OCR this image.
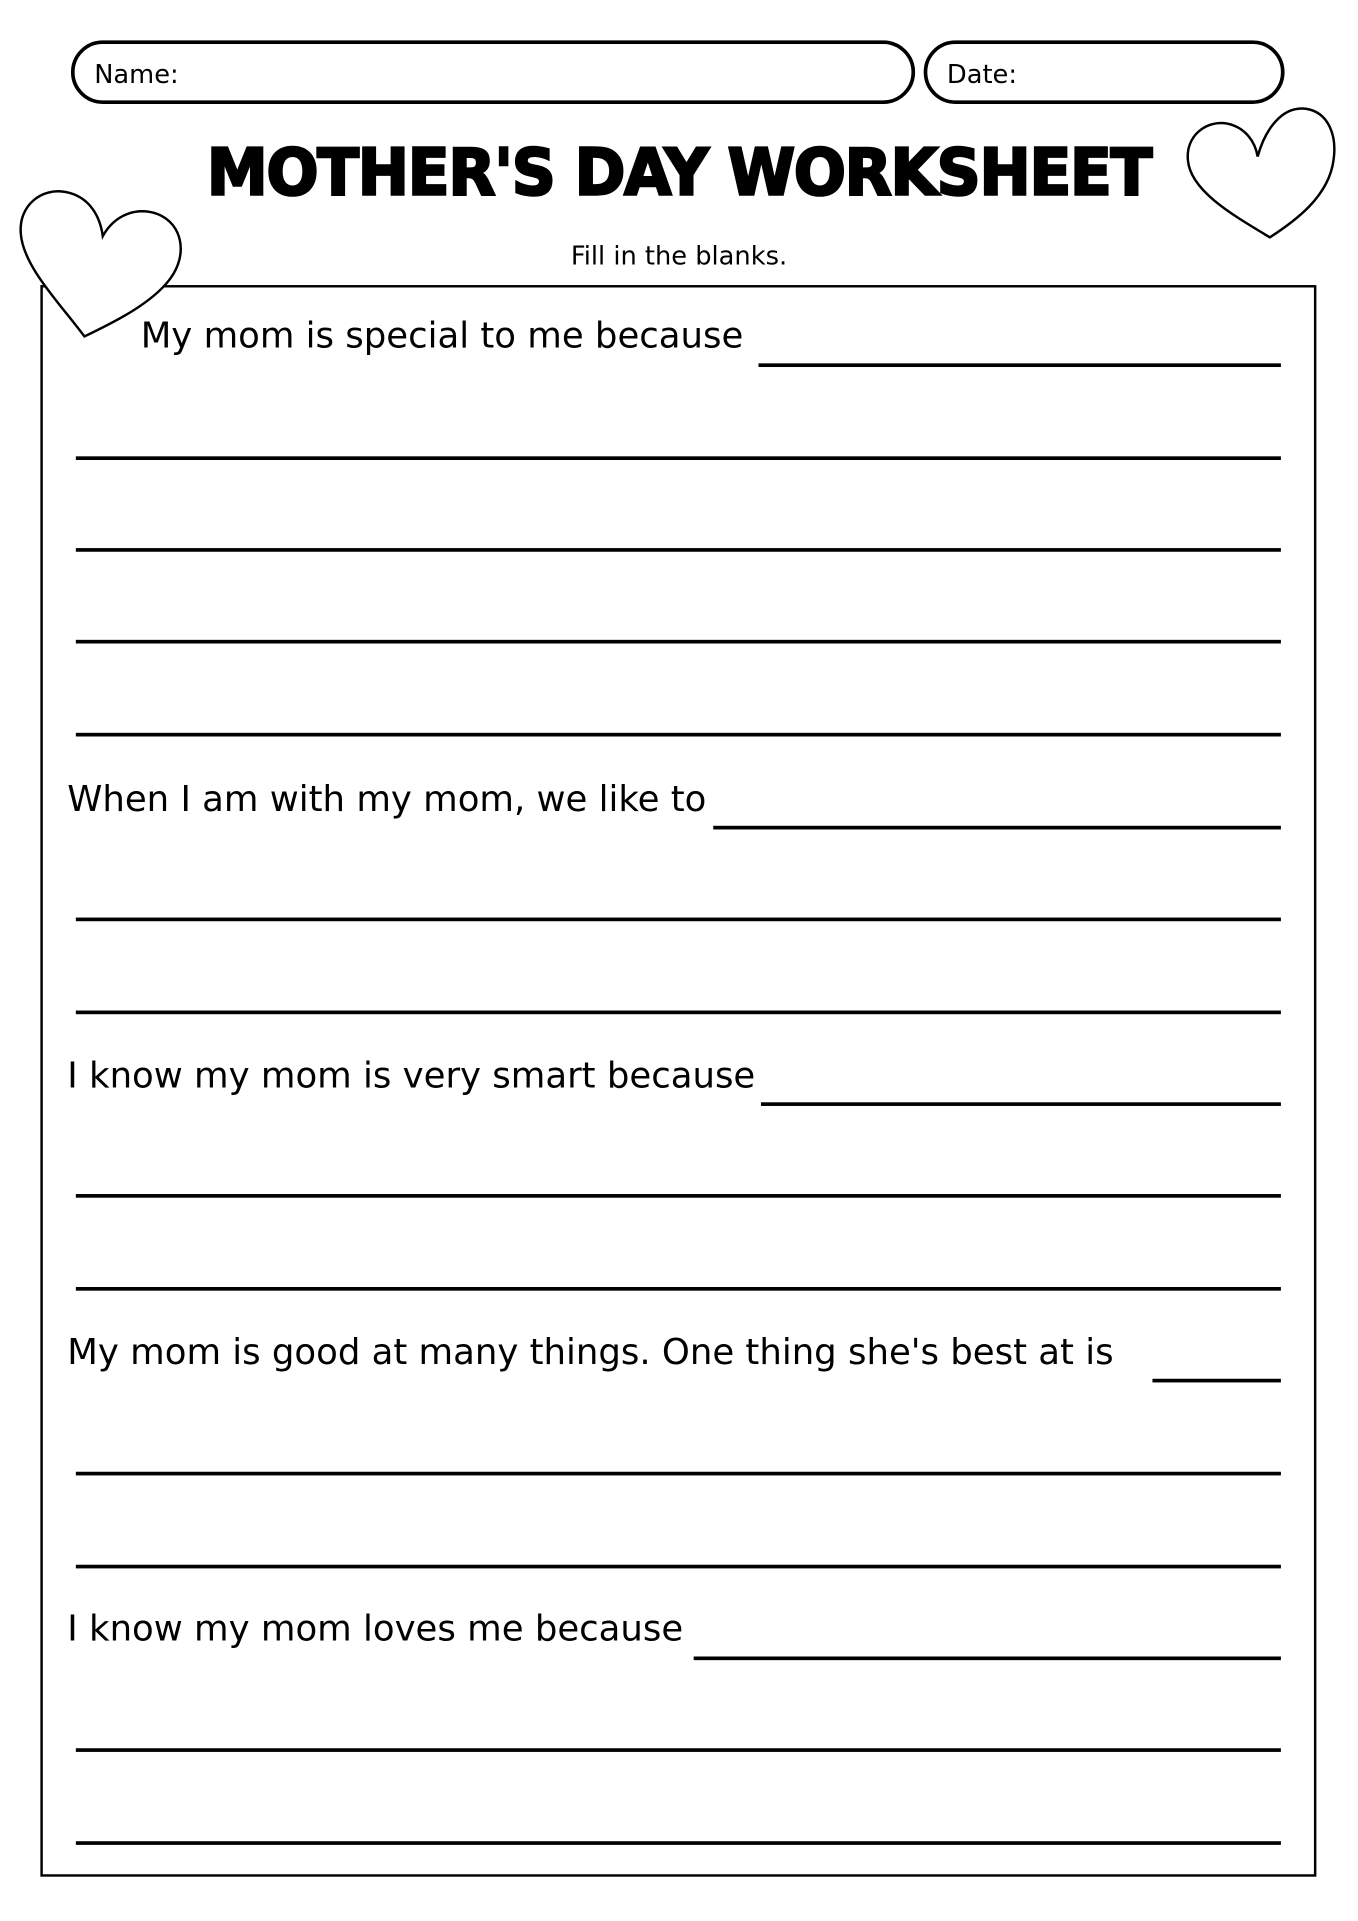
Name:	Date:
MOTHER'S DAY WORKSHEET
Fill in the blanks.
My mom is special to me because
When I am with my mom, we like to
I know my mom is very smart because
My mom is good at many things. One thing she's best at is
I know my mom loves me because
